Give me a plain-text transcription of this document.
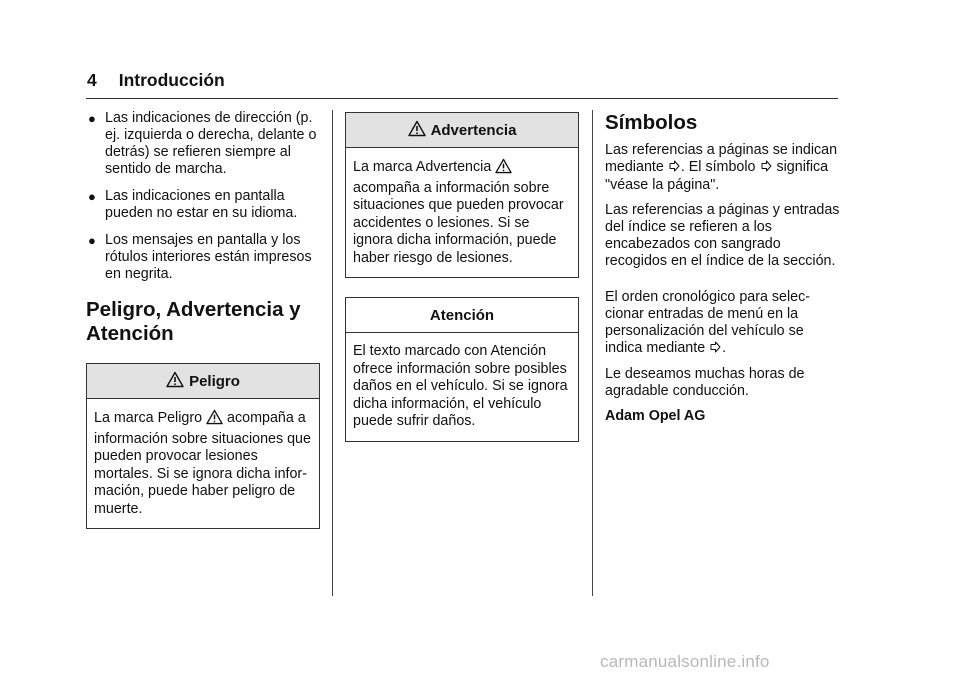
4 Introducción
● Las indicaciones de dirección (p. ej. izquierda o derecha, delante o detrás) se refieren siempre al sentido de marcha.
● Las indicaciones en pantalla pueden no estar en su idioma.
● Los mensajes en pantalla y los rótulos interiores están impresos en negrita.
Peligro, Advertencia y Atención
Peligro

La marca Peligro acompaña a información sobre situaciones que pueden provocar lesiones mortales. Si se ignora dicha infor-mación, puede haber peligro de muerte.

Advertencia

La marca Advertencia  acompaña a información sobre situaciones que pueden provocar accidentes o lesiones. Si se ignora dicha información, puede haber riesgo de lesiones.

Atención

El texto marcado con Atención ofrece información sobre posibles daños en el vehículo. Si se ignora dicha información, el vehículo puede sufrir daños.

Símbolos

Las referencias a páginas se indican mediante . El símbolo significa "véase la página".

Las referencias a páginas y entradas del índice se refieren a los encabezados con sangrado recogidos en el índice de la sección.

El orden cronológico para selec-cionar entradas de menú en la personalización del vehículo se indica mediante .

Le deseamos muchas horas de agradable conducción.

Adam Opel AG

carmanualsonline.info
